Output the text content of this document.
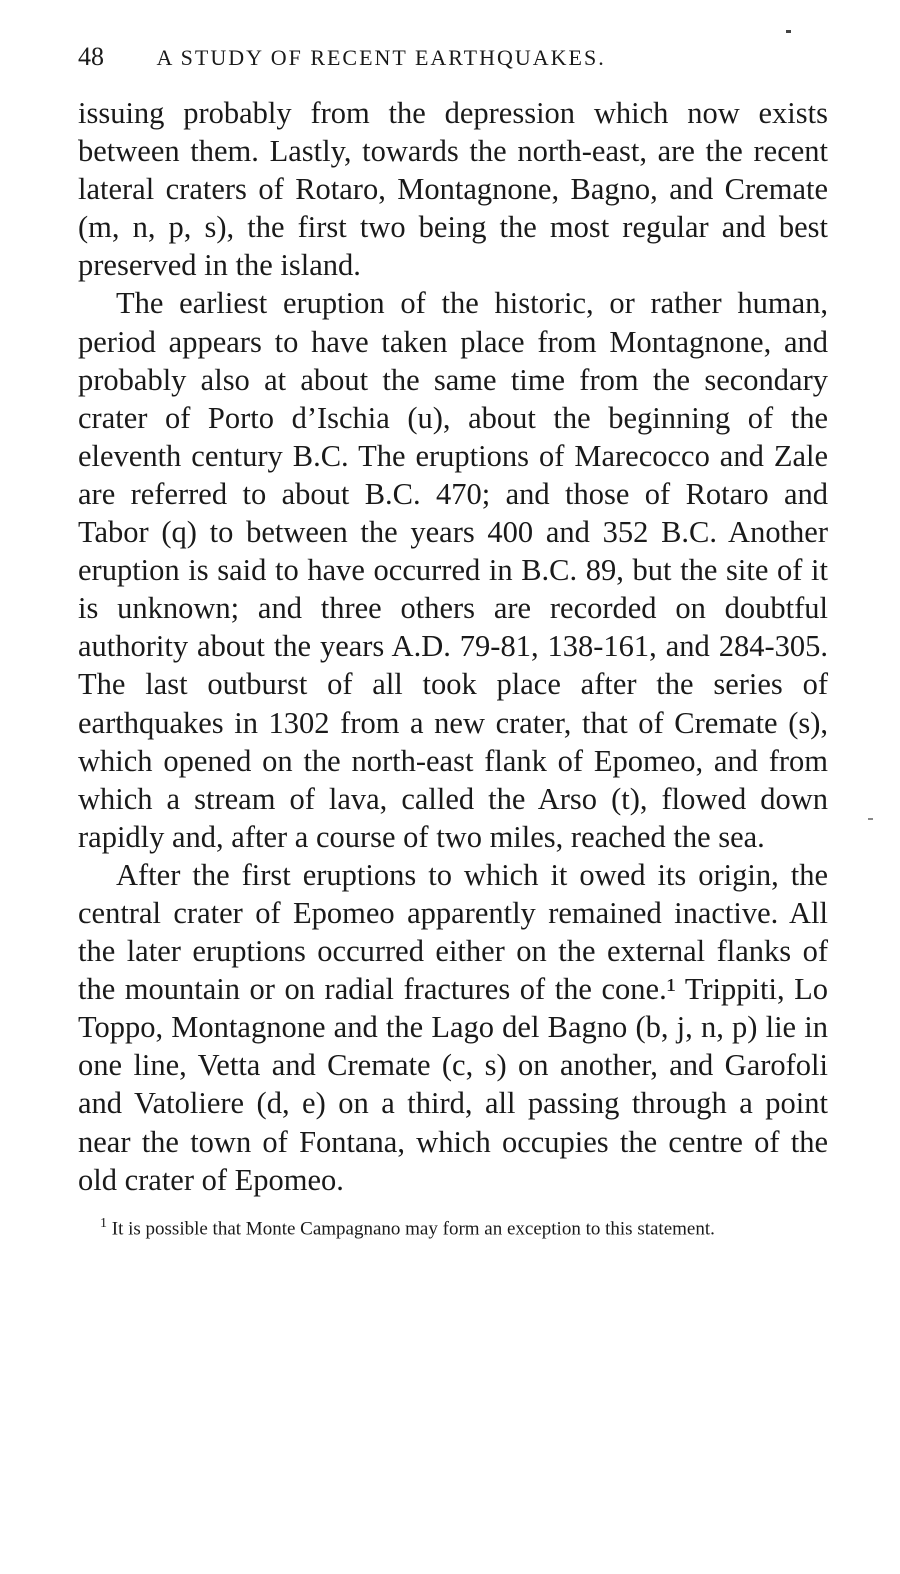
48 A STUDY OF RECENT EARTHQUAKES.

issuing probably from the depression which now exists between them. Lastly, towards the north-east, are the recent lateral craters of Rotaro, Montagnone, Bagno, and Cremate (m, n, p, s), the first two being the most regular and best preserved in the island.

The earliest eruption of the historic, or rather human, period appears to have taken place from Montagnone, and probably also at about the same time from the secondary crater of Porto d’Ischia (u), about the beginning of the eleventh century B.C. The eruptions of Marecocco and Zale are referred to about B.C. 470; and those of Rotaro and Tabor (q) to between the years 400 and 352 B.C. Another eruption is said to have occurred in B.C. 89, but the site of it is unknown; and three others are recorded on doubtful authority about the years A.D. 79-81, 138-161, and 284-305. The last outburst of all took place after the series of earthquakes in 1302 from a new crater, that of Cremate (s), which opened on the north-east flank of Epomeo, and from which a stream of lava, called the Arso (t), flowed down rapidly and, after a course of two miles, reached the sea.

After the first eruptions to which it owed its origin, the central crater of Epomeo apparently remained inactive. All the later eruptions occurred either on the external flanks of the mountain or on radial fractures of the cone.¹ Trippiti, Lo Toppo, Montagnone and the Lago del Bagno (b, j, n, p) lie in one line, Vetta and Cremate (c, s) on another, and Garofoli and Vatoliere (d, e) on a third, all passing through a point near the town of Fontana, which occupies the centre of the old crater of Epomeo.

$^1$ It is possible that Monte Campagnano may form an exception to this statement.
